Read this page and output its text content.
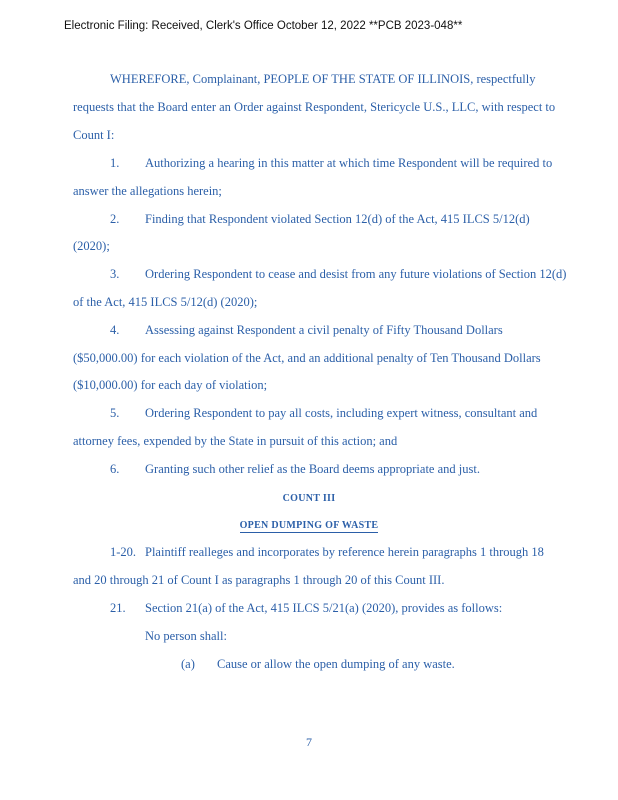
Electronic Filing: Received, Clerk's Office October 12, 2022 **PCB 2023-048**
WHEREFORE, Complainant, PEOPLE OF THE STATE OF ILLINOIS, respectfully
requests that the Board enter an Order against Respondent, Stericycle U.S., LLC, with respect to
Count I:
1. Authorizing a hearing in this matter at which time Respondent will be required to
answer the allegations herein;
2. Finding that Respondent violated Section 12(d) of the Act, 415 ILCS 5/12(d)
(2020);
3. Ordering Respondent to cease and desist from any future violations of Section 12(d)
of the Act, 415 ILCS 5/12(d) (2020);
4. Assessing against Respondent a civil penalty of Fifty Thousand Dollars
($50,000.00) for each violation of the Act, and an additional penalty of Ten Thousand Dollars
($10,000.00) for each day of violation;
5. Ordering Respondent to pay all costs, including expert witness, consultant and
attorney fees, expended by the State in pursuit of this action; and
6. Granting such other relief as the Board deems appropriate and just.
COUNT III
OPEN DUMPING OF WASTE
1-20. Plaintiff realleges and incorporates by reference herein paragraphs 1 through 18
and 20 through 21 of Count I as paragraphs 1 through 20 of this Count III.
21. Section 21(a) of the Act, 415 ILCS 5/21(a) (2020), provides as follows:
No person shall:
(a) Cause or allow the open dumping of any waste.
7
